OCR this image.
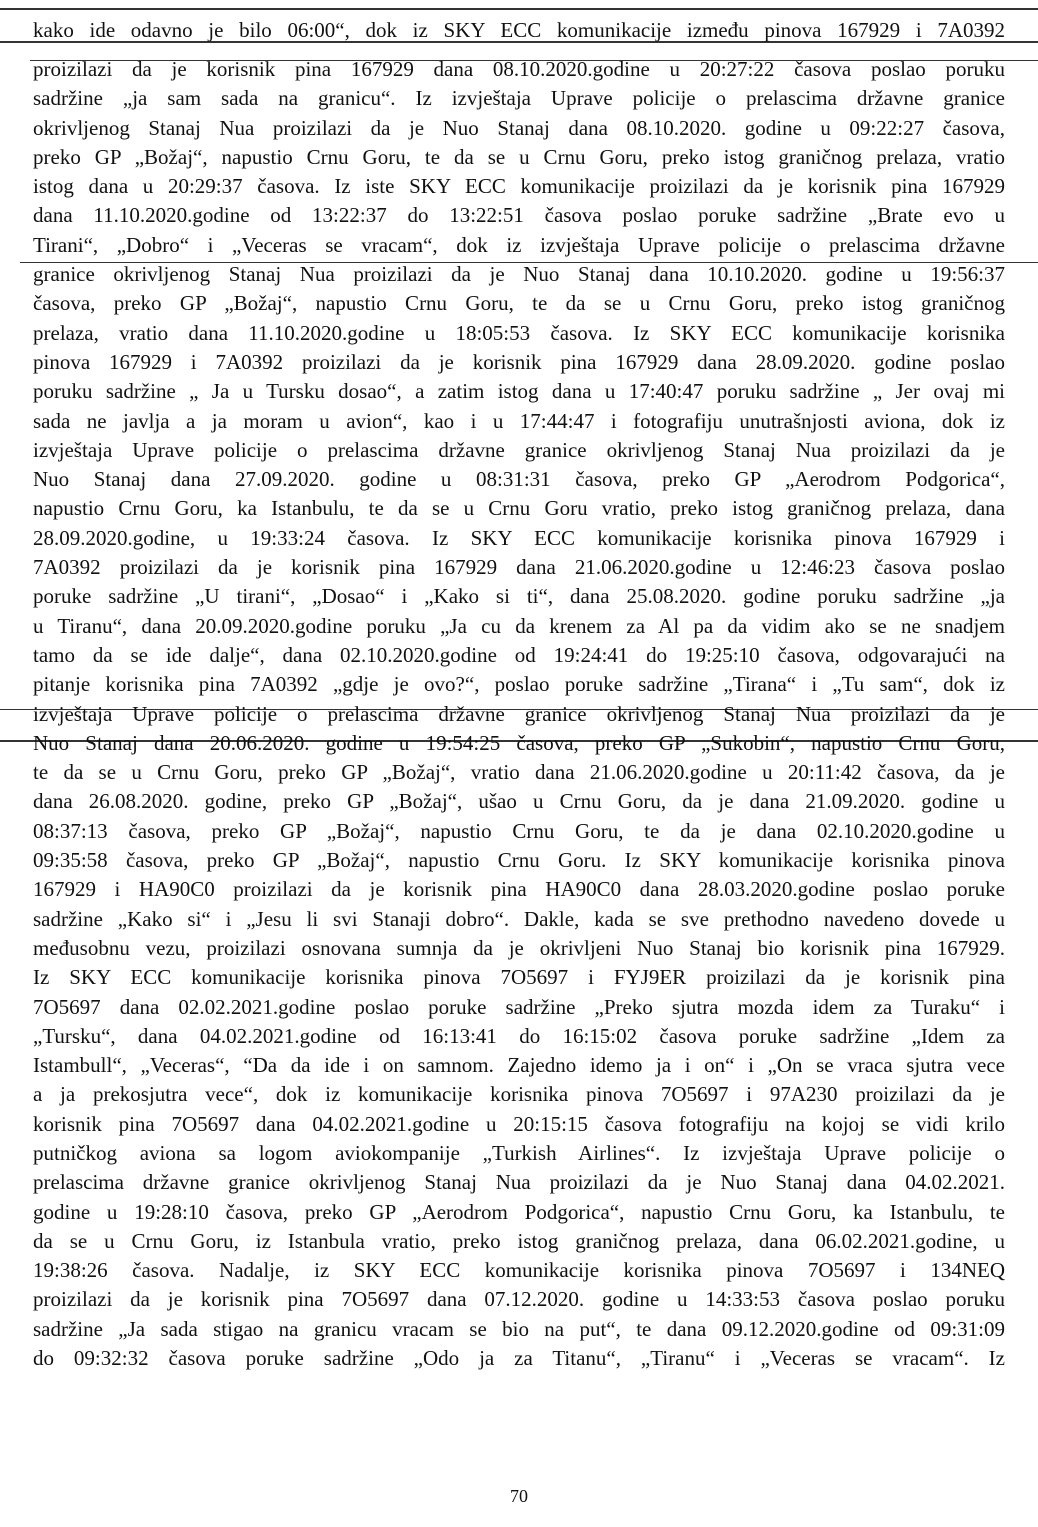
kako ide odavno je bilo 06:00“, dok iz SKY ECC komunikacije između pinova 167929 i 7A0392
proizilazi da je korisnik pina 167929 dana 08.10.2020.godine u 20:27:22 časova poslao poruku
sadržine „ja sam sada na granicu“. Iz izvještaja Uprave policije o prelascima državne granice
okrivljenog Stanaj Nua proizilazi da je Nuo Stanaj dana 08.10.2020. godine u 09:22:27 časova,
preko GP „Božaj“, napustio Crnu Goru, te da se u Crnu Goru, preko istog graničnog prelaza, vratio
istog dana u 20:29:37 časova. Iz iste SKY ECC komunikacije proizilazi da je korisnik pina 167929
dana 11.10.2020.godine od 13:22:37 do 13:22:51 časova poslao poruke sadržine „Brate evo u
Tirani“, „Dobro“ i „Veceras se vracam“, dok iz izvještaja Uprave policije o prelascima državne
granice okrivljenog Stanaj Nua proizilazi da je Nuo Stanaj dana 10.10.2020. godine u 19:56:37
časova, preko GP „Božaj“, napustio Crnu Goru, te da se u Crnu Goru, preko istog graničnog
prelaza, vratio dana 11.10.2020.godine u 18:05:53 časova. Iz SKY ECC komunikacije korisnika
pinova 167929 i 7A0392 proizilazi da je korisnik pina 167929 dana 28.09.2020. godine poslao
poruku sadržine „ Ja u Tursku dosao“, a zatim istog dana u 17:40:47 poruku sadržine „ Jer ovaj mi
sada ne javlja a ja moram u avion“, kao i u 17:44:47 i fotografiju unutrašnjosti aviona, dok iz
izvještaja Uprave policije o prelascima državne granice okrivljenog Stanaj Nua proizilazi da je
Nuo Stanaj dana 27.09.2020. godine u 08:31:31 časova, preko GP „Aerodrom Podgorica“,
napustio Crnu Goru, ka Istanbulu, te da se u Crnu Goru vratio, preko istog graničnog prelaza, dana
28.09.2020.godine, u 19:33:24 časova. Iz SKY ECC komunikacije korisnika pinova 167929 i
7A0392 proizilazi da je korisnik pina 167929 dana 21.06.2020.godine u 12:46:23 časova poslao
poruke sadržine „U tirani“, „Dosao“ i „Kako si ti“, dana 25.08.2020. godine poruku sadržine „ja
u Tiranu“, dana 20.09.2020.godine poruku „Ja cu da krenem za Al pa da vidim ako se ne snadjem
tamo da se ide dalje“, dana 02.10.2020.godine od 19:24:41 do 19:25:10 časova, odgovarajući na
pitanje korisnika pina 7A0392 „gdje je ovo?“, poslao poruke sadržine „Tirana“ i „Tu sam“, dok iz
izvještaja Uprave policije o prelascima državne granice okrivljenog Stanaj Nua proizilazi da je
Nuo Stanaj dana 20.06.2020. godine u 19:54:25 časova, preko GP „Sukobin“, napustio Crnu Goru,
te da se u Crnu Goru, preko GP „Božaj“, vratio dana 21.06.2020.godine u 20:11:42 časova, da je
dana 26.08.2020. godine, preko GP „Božaj“, ušao u Crnu Goru, da je dana 21.09.2020. godine u
08:37:13 časova, preko GP „Božaj“, napustio Crnu Goru, te da je dana 02.10.2020.godine u
09:35:58 časova, preko GP „Božaj“, napustio Crnu Goru. Iz SKY komunikacije korisnika pinova
167929 i HA90C0 proizilazi da je korisnik pina HA90C0 dana 28.03.2020.godine poslao poruke
sadržine „Kako si“ i „Jesu li svi Stanaji dobro“. Dakle, kada se sve prethodno navedeno dovede u
međusobnu vezu, proizilazi osnovana sumnja da je okrivljeni Nuo Stanaj bio korisnik pina 167929.
Iz SKY ECC komunikacije korisnika pinova 7O5697 i FYJ9ER proizilazi da je korisnik pina
7O5697 dana 02.02.2021.godine poslao poruke sadržine „Preko sjutra mozda idem za Turaku“ i
„Tursku“, dana 04.02.2021.godine od 16:13:41 do 16:15:02 časova poruke sadržine „Idem za
Istambull“, „Veceras“, “Da da ide i on samnom. Zajedno idemo ja i on“ i „On se vraca sjutra vece
a ja prekosjutra vece“, dok iz komunikacije korisnika pinova 7O5697 i 97A230 proizilazi da je
korisnik pina 7O5697 dana 04.02.2021.godine u 20:15:15 časova fotografiju na kojoj se vidi krilo
putničkog aviona sa logom aviokompanije „Turkish Airlines“. Iz izvještaja Uprave policije o
prelascima državne granice okrivljenog Stanaj Nua proizilazi da je Nuo Stanaj dana 04.02.2021.
godine u 19:28:10 časova, preko GP „Aerodrom Podgorica“, napustio Crnu Goru, ka Istanbulu, te
da se u Crnu Goru, iz Istanbula vratio, preko istog graničnog prelaza, dana 06.02.2021.godine, u
19:38:26 časova. Nadalje, iz SKY ECC komunikacije korisnika pinova 7O5697 i 134NEQ
proizilazi da je korisnik pina 7O5697 dana 07.12.2020. godine u 14:33:53 časova poslao poruku
sadržine „Ja sada stigao na granicu vracam se bio na put“, te dana 09.12.2020.godine od 09:31:09
do 09:32:32 časova poruke sadržine „Odo ja za Titanu“, „Tiranu“ i „Veceras se vracam“. Iz
70
